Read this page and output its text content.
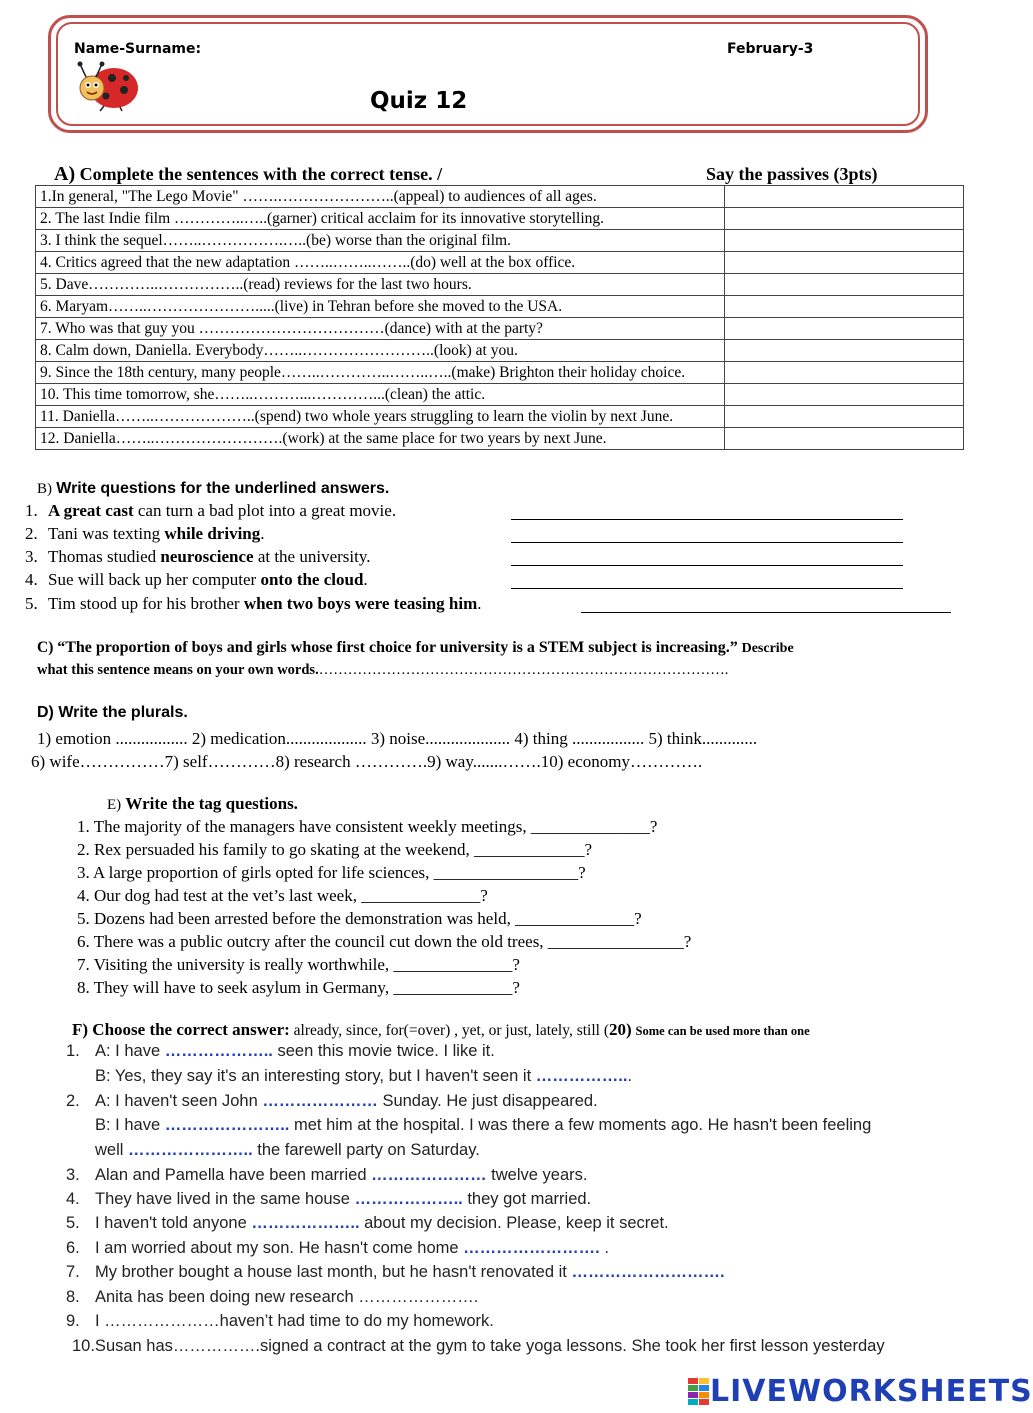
Name-Surname:	February-3
Quiz 12
A) Complete the sentences with the correct tense. /	Say the passives (3pts)
1.In general, "The Lego Movie" …….…………………..(appeal) to audiences of all ages.	
2. The last Indie film …………..…..(garner) critical acclaim for its innovative storytelling.	
3. I think the sequel……..…………….…..(be) worse than the original film.	
4. Critics agreed that the new adaptation ……..……..……..(do) well at the box office.	
5. Dave…………..……………..(read) reviews for the last two hours.	
6. Maryam……..………………….....(live) in Tehran before she moved to the USA.	
7. Who was that guy you ………………………………(dance) with at the party?	
8. Calm down, Daniella. Everybody……..……………………..(look) at you.	
9. Since the 18th century, many people……..…………..……..…..(make) Brighton their holiday choice.	
10. This time tomorrow, she……..………...…………...(clean) the attic.	
11. Daniella……..………………..(spend) two whole years struggling to learn the violin by next June.	
12. Daniella……..…………………….(work) at the same place for two years by next June.	
B) Write questions for the underlined answers.
1. A great cast can turn a bad plot into a great movie.
2. Tani was texting while driving.
3. Thomas studied neuroscience at the university.
4. Sue will back up her computer onto the cloud.
5. Tim stood up for his brother when two boys were teasing him.
C) “The proportion of boys and girls whose first choice for university is a STEM subject is increasing.” Describe
what this sentence means on your own words.………………………………………………………………………….
D) Write the plurals.
1) emotion ................. 2) medication................... 3) noise.................... 4) thing ................. 5) think.............
6) wife……………7) self…………8) research ………….9) way.......…….10) economy………….
E) Write the tag questions.
1. The majority of the managers have consistent weekly meetings, ______________?
2. Rex persuaded his family to go skating at the weekend, _____________?
3. A large proportion of girls opted for life sciences, _________________?
4. Our dog had test at the vet’s last week, ______________?
5. Dozens had been arrested before the demonstration was held, ______________?
6. There was a public outcry after the council cut down the old trees, ________________?
7. Visiting the university is really worthwhile, ______________?
8. They will have to seek asylum in Germany, ______________?
F) Choose the correct answer: already, since, for(=over) , yet, or just, lately, still (20) Some can be used more than one
1. A: I have ……………….. seen this movie twice. I like it.
B: Yes, they say it's an interesting story, but I haven't seen it ……………...
2. A: I haven't seen John ………………… Sunday. He just disappeared.
B: I have ………………….. met him at the hospital. I was there a few moments ago. He hasn't been feeling
well ………………….. the farewell party on Saturday.
3. Alan and Pamella have been married ………………… twelve years.
4. They have lived in the same house ……………….. they got married.
5. I haven't told anyone ……………….. about my decision. Please, keep it secret.
6. I am worried about my son. He hasn't come home ……………………. .
7. My brother bought a house last month, but he hasn't renovated it ……………………….
8. Anita has been doing new research ………………….
9. I …………………haven’t had time to do my homework.
10.Susan has…………….signed a contract at the gym to take yoga lessons. She took her first lesson yesterday
LIVEWORKSHEETS
